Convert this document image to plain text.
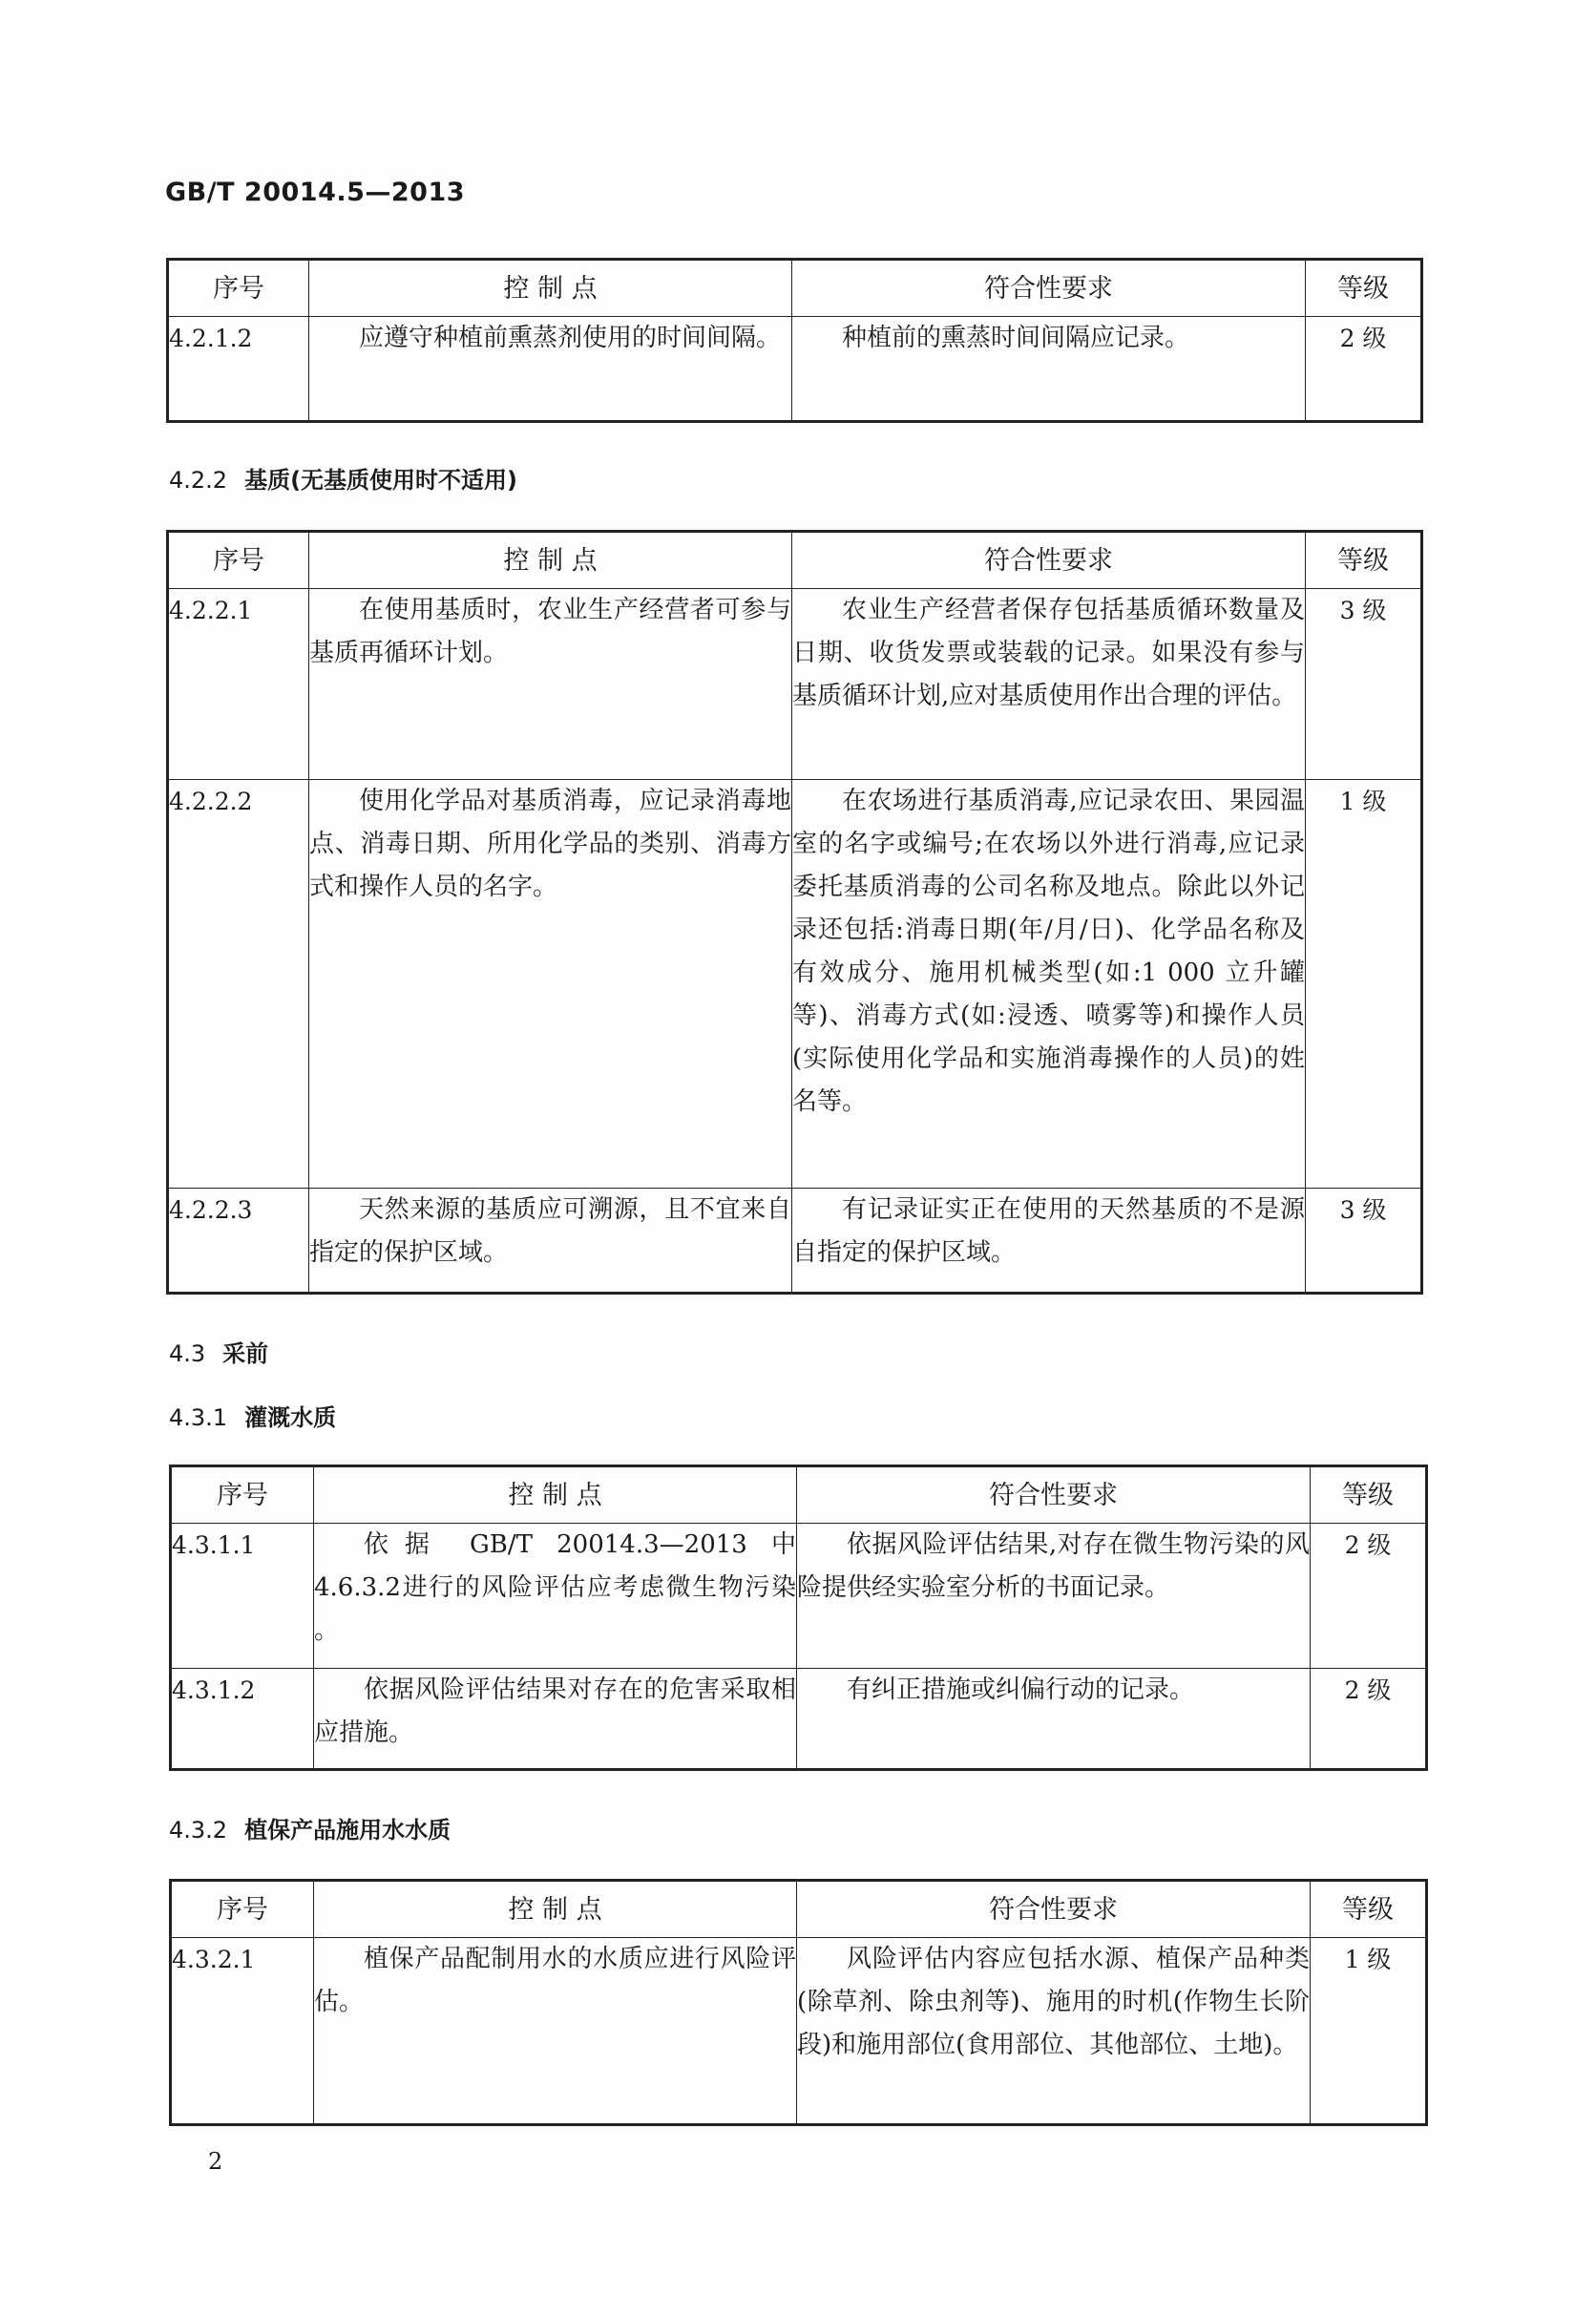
GB/T 20014.5—2013
序号	控 制 点	符合性要求	等级
4.2.1.2	应遵守种植前熏蒸剂使用的时间间隔。	种植前的熏蒸时间间隔应记录。	2 级
4.2.2 基质(无基质使用时不适用)
序号	控 制 点	符合性要求	等级
4.2.2.1	在使用基质时，农业生产经营者可参与基质再循环计划。	农业生产经营者保存包括基质循环数量及日期、收货发票或装载的记录。如果没有参与基质循环计划,应对基质使用作出合理的评估。	3 级
4.2.2.2	使用化学品对基质消毒，应记录消毒地点、消毒日期、所用化学品的类别、消毒方式和操作人员的名字。	在农场进行基质消毒,应记录农田、果园温室的名字或编号;在农场以外进行消毒,应记录委托基质消毒的公司名称及地点。除此以外记录还包括:消毒日期(年/月/日)、化学品名称及有效成分、施用机械类型(如:1 000 立升罐等)、消毒方式(如:浸透、喷雾等)和操作人员(实际使用化学品和实施消毒操作的人员)的姓名等。	1 级
4.2.2.3	天然来源的基质应可溯源，且不宜来自指定的保护区域。	有记录证实正在使用的天然基质的不是源自指定的保护区域。	3 级
4.3 采前
4.3.1 灌溉水质
序号	控 制 点	符合性要求	等级
4.3.1.1	依据 GB/T 20014.3—2013 中 4.6.3.2进行的风险评估应考虑微生物污染 。	依据风险评估结果,对存在微生物污染的风险提供经实验室分析的书面记录。	2 级
4.3.1.2	依据风险评估结果对存在的危害采取相应措施。	有纠正措施或纠偏行动的记录。	2 级
4.3.2 植保产品施用水水质
序号	控 制 点	符合性要求	等级
4.3.2.1	植保产品配制用水的水质应进行风险评估。	风险评估内容应包括水源、植保产品种类(除草剂、除虫剂等)、施用的时机(作物生长阶段)和施用部位(食用部位、其他部位、土地)。	1 级
2
